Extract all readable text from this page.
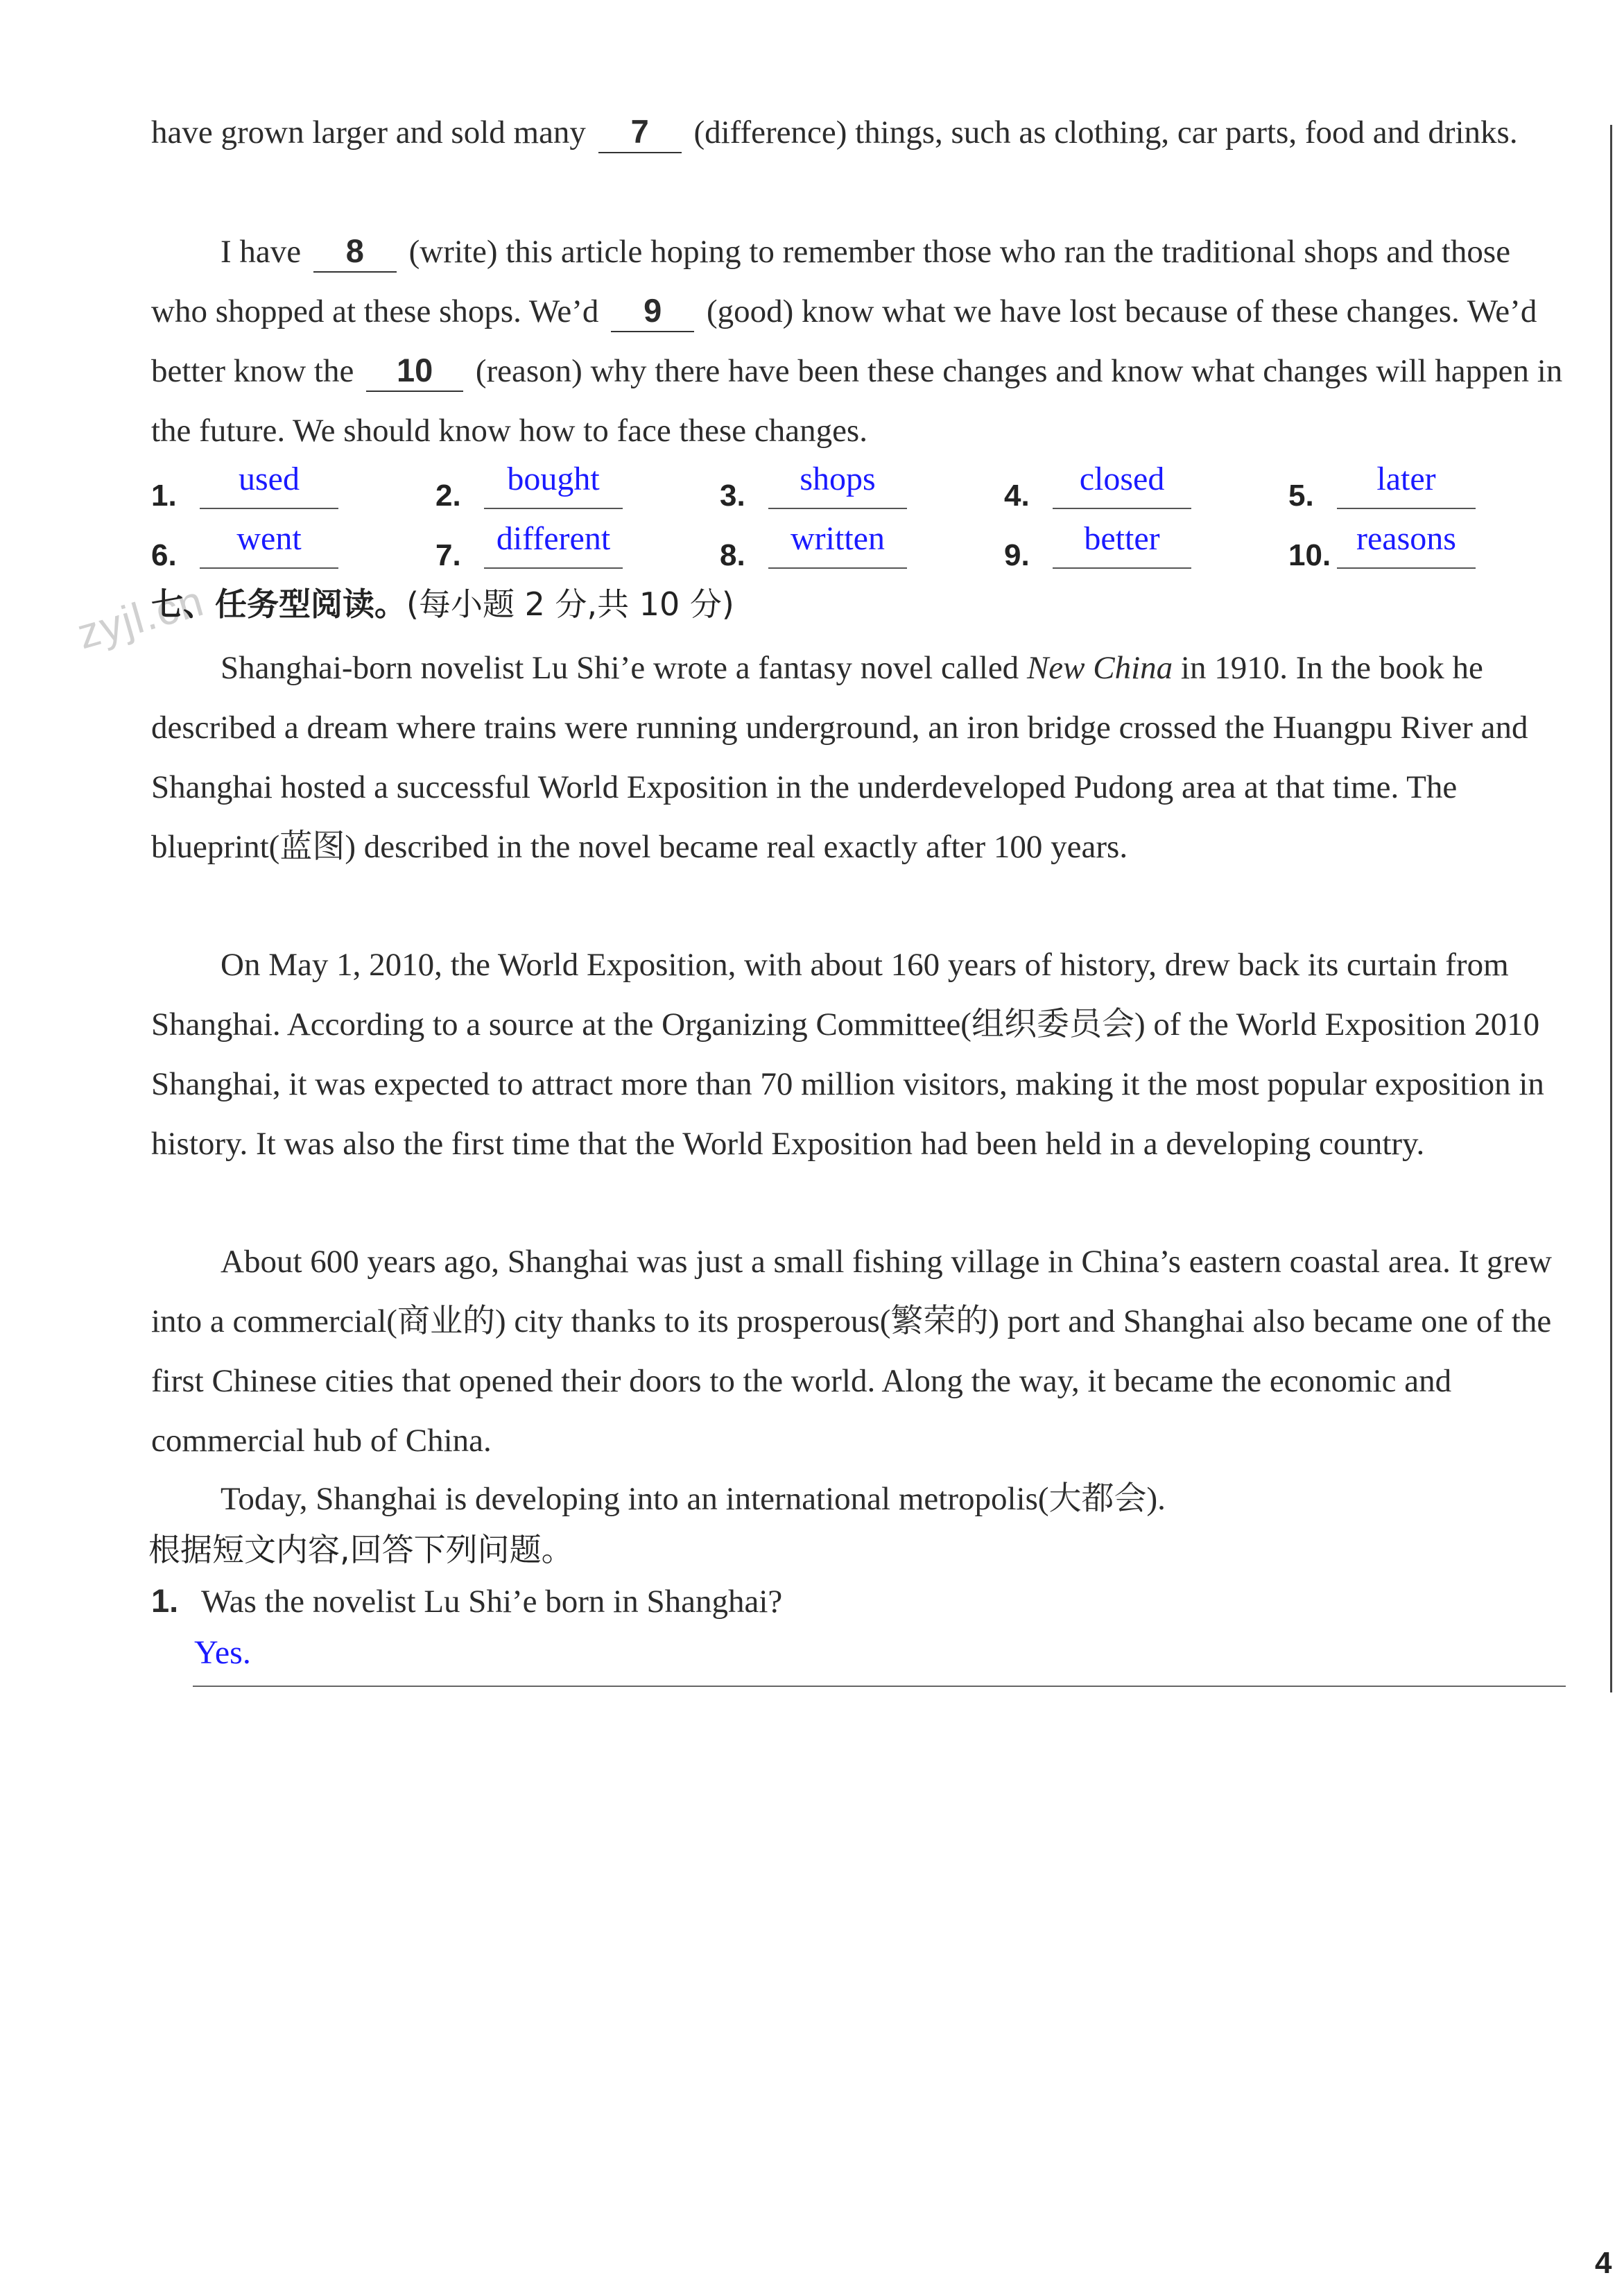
have grown larger and sold many 7 (difference) things, such as clothing, car parts, food and drinks.
I have 8 (write) this article hoping to remember those who ran the traditional shops and those who shopped at these shops. We’d 9 (good) know what we have lost because of these changes. We’d better know the 10 (reason) why there have been these changes and know what changes will happen in the future. We should know how to face these changes.
1.	used	2.	bought	3.	shops	4.	closed	5.	later
6.	went	7.	different	8.	written	9.	better	10. reasons
zyjl.cn
七、任务型阅读。(每小题 2 分,共 10 分)
Shanghai-born novelist Lu Shi’e wrote a fantasy novel called New China in 1910. In the book he described a dream where trains were running underground, an iron bridge crossed the Huangpu River and Shanghai hosted a successful World Exposition in the underdeveloped Pudong area at that time. The blueprint(蓝图) described in the novel became real exactly after 100 years.
On May 1, 2010, the World Exposition, with about 160 years of history, drew back its curtain from Shanghai. According to a source at the Organizing Committee(组织委员会) of the World Exposition 2010 Shanghai, it was expected to attract more than 70 million visitors, making it the most popular exposition in history. It was also the first time that the World Exposition had been held in a developing country.
About 600 years ago, Shanghai was just a small fishing village in China’s eastern coastal area. It grew into a commercial(商业的) city thanks to its prosperous(繁荣的) port and Shanghai also became one of the first Chinese cities that opened their doors to the world. Along the way, it became the economic and commercial hub of China.
Today, Shanghai is developing into an international metropolis(大都会).
根据短文内容,回答下列问题。
1. Was the novelist Lu Shi’e born in Shanghai?
Yes.
4
